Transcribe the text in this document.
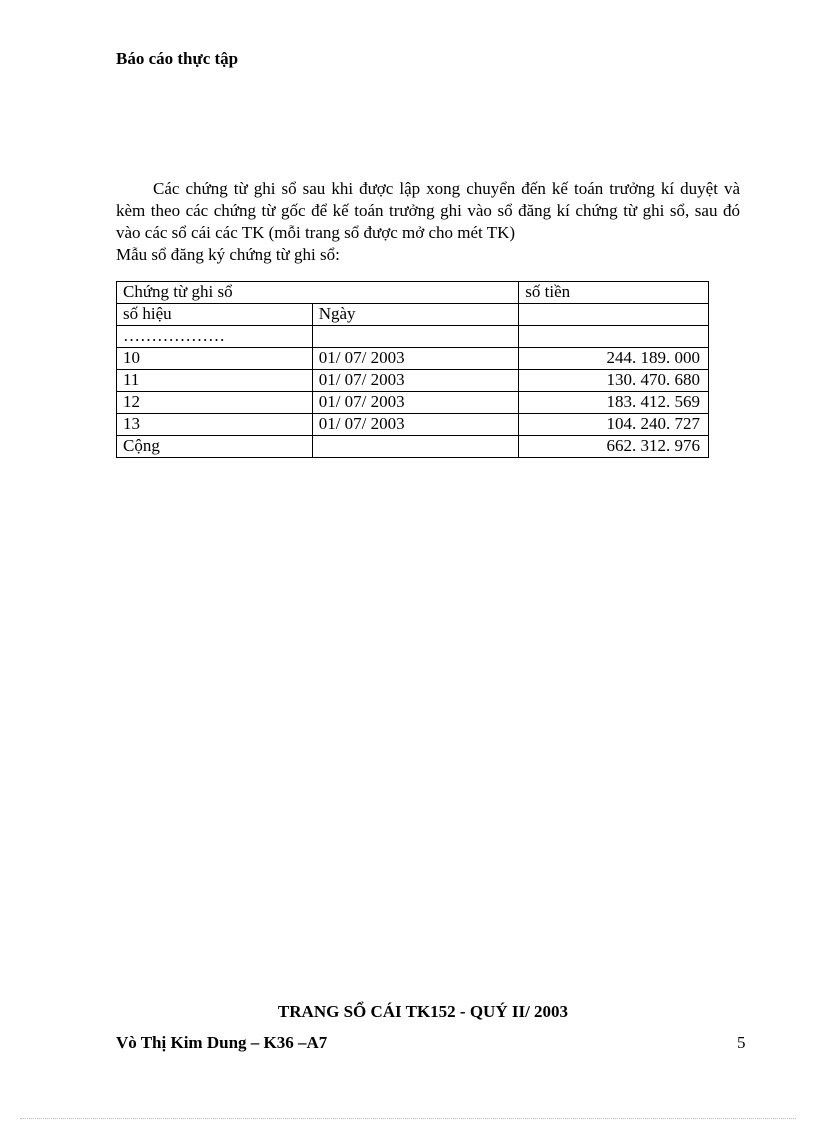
Báo cáo thực tập

Các chứng từ ghi sổ sau khi được lập xong chuyển đến kế toán trưởng kí duyệt và kèm theo các chứng từ gốc để kế toán trưởng ghi vào sổ đăng kí chứng từ ghi sổ, sau đó vào các sổ cái các TK (mỗi trang sổ được mở cho mét TK)

Mẫu sổ đăng ký chứng từ ghi sổ:
Chứng từ ghi sổ		số tiền
số hiệu	Ngày	
………………		
10	01/ 07/ 2003	244. 189. 000
11	01/ 07/ 2003	130. 470. 680
12	01/ 07/ 2003	183. 412. 569
13	01/ 07/ 2003	104. 240. 727
Cộng		662. 312. 976
TRANG SỔ CÁI TK152 - QUÝ II/ 2003
Vò Thị Kim Dung – K36 –A7	5
